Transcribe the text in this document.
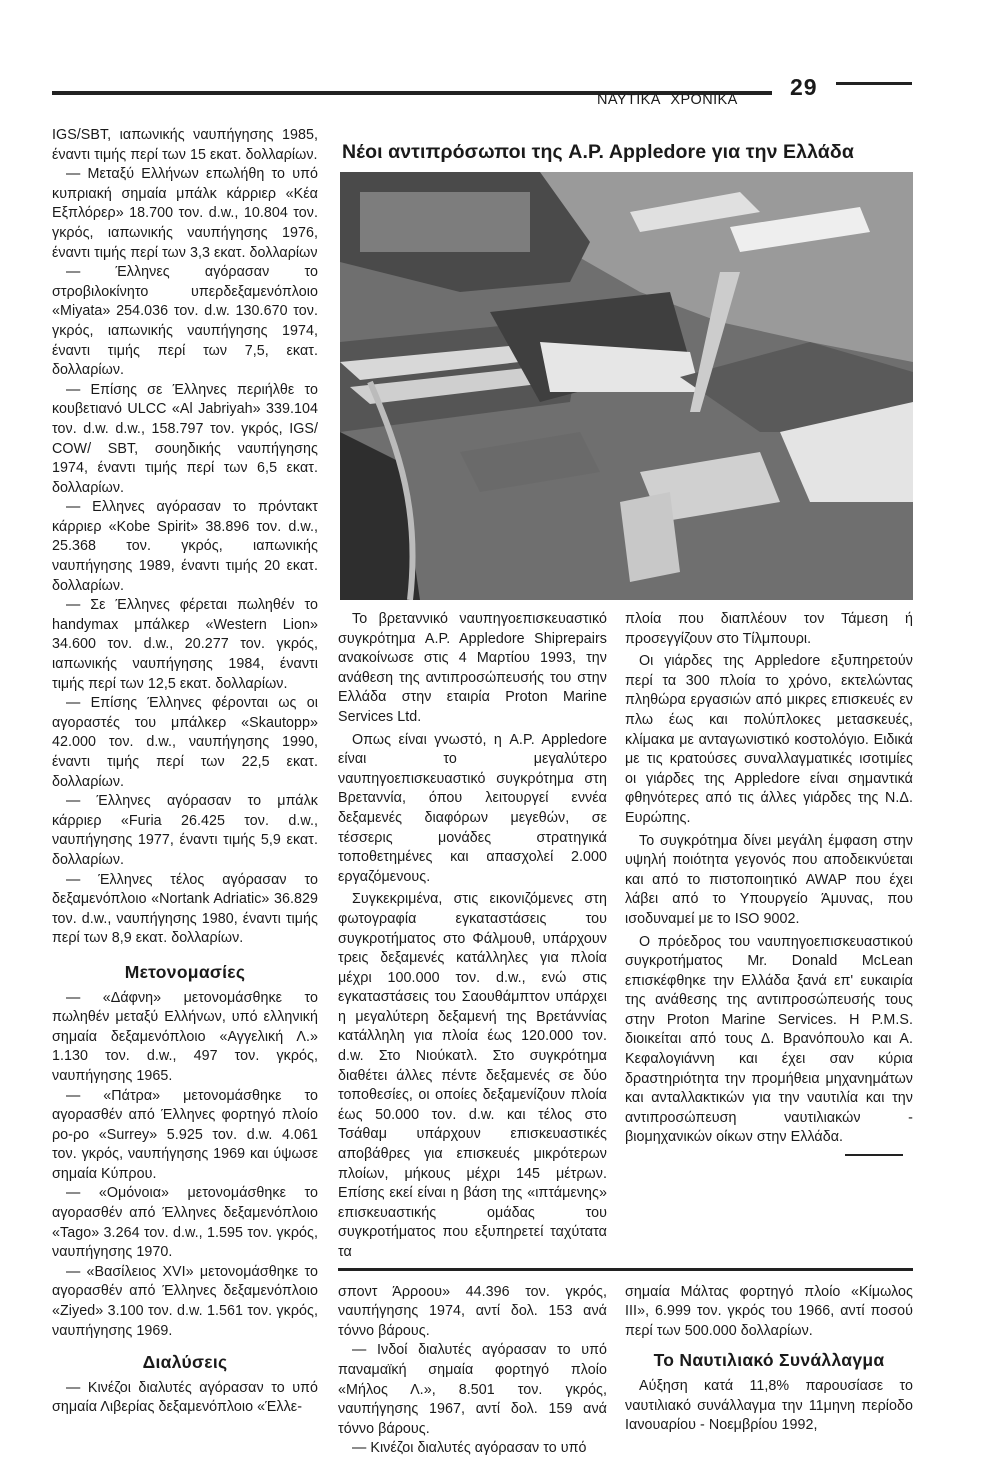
29
ΝΑΥΤΙΚΑ ΧΡΟΝΙΚΑ

IGS/SBT, ιαπωνικής ναυπήγησης 1985, έναντι τιμής περί των 15 εκατ. δολλαρίων.

— Μεταξύ Ελλήνων επωλήθη το υπό κυπριακή σημαία μπάλκ κάρριερ «Κέα Εξπλόρερ» 18.700 τον. d.w., 10.804 τον. γκρός, ιαπωνικής ναυπήγησης 1976, έναντι τιμής περί των 3,3 εκατ. δολλαρίων

— Έλληνες αγόρασαν το στροβιλοκίνητο υπερδεξαμενόπλοιο «Miyata» 254.036 τον. d.w. 130.670 τον. γκρός, ιαπωνικής ναυπήγησης 1974, έναντι τιμής περί των 7,5, εκατ. δολλαρίων.

— Επίσης σε Έλληνες περιήλθε το κουβετιανό ULCC «Al Jabriyah» 339.104 τον. d.w. d.w., 158.797 τον. γκρός, IGS/ COW/ SBT, σουηδικής ναυπήγησης 1974, έναντι τιμής περί των 6,5 εκατ. δολλαρίων.

— Ελληνες αγόρασαν το πρόντακτ κάρριερ «Kobe Spirit» 38.896 τον. d.w., 25.368 τον. γκρός, ιαπωνικής ναυπήγησης 1989, έναντι τιμής 20 εκατ. δολλαρίων.

— Σε Έλληνες φέρεται πωληθέν το handymax μπάλκερ «Western Lion» 34.600 τον. d.w., 20.277 τον. γκρός, ιαπωνικής ναυπήγησης 1984, έναντι τιμής περί των 12,5 εκατ. δολλαρίων.

— Επίσης Έλληνες φέρονται ως οι αγοραστές του μπάλκερ «Skautopp» 42.000 τον. d.w., ναυπήγησης 1990, έναντι τιμής περί των 22,5 εκατ. δολλαρίων.

— Έλληνες αγόρασαν το μπάλκ κάρριερ «Furia 26.425 τον. d.w., ναυπήγησης 1977, έναντι τιμής 5,9 εκατ. δολλαρίων.

— Έλληνες τέλος αγόρασαν το δεξαμενόπλοιο «Nortank Adriatic» 36.829 τον. d.w., ναυπήγησης 1980, έναντι τιμής περί των 8,9 εκατ. δολλαρίων.

Μετονομασίες

— «Δάφνη» μετονομάσθηκε το πωληθέν μεταξύ Ελλήνων, υπό ελληνική σημαία δεξαμενόπλοιο «Αγγελική Λ.» 1.130 τον. d.w., 497 τον. γκρός, ναυπήγησης 1965.

— «Πάτρα» μετονομάσθηκε το αγορασθέν από Έλληνες φορτηγό πλοίο ρο-ρο «Surrey» 5.925 τον. d.w. 4.061 τον. γκρός, ναυπήγησης 1969 και ύψωσε σημαία Κύπρου.

— «Ομόνοια» μετονομάσθηκε το αγορασθέν από Έλληνες δεξαμενόπλοιο «Tago» 3.264 τον. d.w., 1.595 τον. γκρός, ναυπήγησης 1970.

— «Βασίλειος XVI» μετονομάσθηκε το αγορασθέν από Έλληνες δεξαμενόπλοιο «Ziyed» 3.100 τον. d.w. 1.561 τον. γκρός, ναυπήγησης 1969.

Διαλύσεις

— Κινέζοι διαλυτές αγόρασαν το υπό σημαία Λιβερίας δεξαμενόπλοιο «Έλλε-

Νέοι αντιπρόσωποι της A.P. Appledore για την Ελλάδα

Το βρεταννικό ναυπηγοεπισκευαστικό συγκρότημα A.P. Appledore Shiprepairs ανακοίνωσε στις 4 Μαρτίου 1993, την ανάθεση της αντιπροσώπευσής του στην Ελλάδα στην εταιρία Proton Marine Services Ltd.

Οπως είναι γνωστό, η A.P. Appledore είναι το μεγαλύτερο ναυπηγοεπισκευαστικό συγκρότημα στη Βρετανvία, όπου λειτουργεί εννέα δεξαμενές διαφόρων μεγεθών, σε τέσσερις μονάδες στρατηγικά τοποθετημένες και απασχολεί 2.000 εργαζόμενους.

Συγκεκριμένα, στις εικονιζόμενες στη φωτογραφία εγκαταστάσεις του συγκροτήματος στο Φάλμουθ, υπάρχουν τρεις δεξαμενές κατάλληλες για πλοία μέχρι 100.000 τον. d.w., ενώ στις εγκαταστάσεις του Σαουθάμπτον υπάρχει η μεγαλύτερη δεξαμενή της Βρετάννίας κατάλληλη για πλοία έως 120.000 τον. d.w. Στο Νιούκατλ. Στο συγκρότημα διαθέτει άλλες πέντε δεξαμενές σε δύο τοποθεσίες, οι οποίες δεξαμενίζουν πλοία έως 50.000 τον. d.w. και τέλος στο Τσάθαμ υπάρχουν επισκευαστικές αποβάθρες για επισκευές μικρότερων πλοίων, μήκους μέχρι 145 μέτρων. Επίσης εκεί είναι η βάση της «ιπτάμενης» επισκευαστικής ομάδας του συγκροτήματος που εξυπηρετεί ταχύτατα τα

πλοία που διαπλέουν τον Τάμεση ή προσεγγίζουν στο Τίλμπουρι.

Οι γιάρδες της Appledore εξυπηρετούν περί τα 300 πλοία το χρόνο, εκτελώντας πληθώρα εργασιών από μικρες επισκευές εν πλω έως και πολύπλοκες μετασκευές, κλίμακα με ανταγωνιστικό κοστολόγιο. Ειδικά με τις κρατούσες συναλλαγματικές ισοτιμίες οι γιάρδες της Appledore είναι σημαντικά φθηνότερες από τις άλλες γιάρδες της Ν.Δ. Ευρώπης.

Το συγκρότημα δίνει μεγάλη έμφαση στην υψηλή ποιότητα γεγονός που αποδεικνύεται και από το πιστοποιητικό AWAP που έχει λάβει από το Υπουργείο Άμυνας, που ισοδυναμεί με το ISO 9002.

Ο πρόεδρος του ναυπηγοεπισκευαστικού συγκροτήματος Mr. Donald McLean επισκέφθηκε την Ελλάδα ξανά επ' ευκαιρία της ανάθεσης της αντιπροσώπευσής τους στην Proton Marine Services. Η P.M.S. διοικείται από τους Δ. Βρανόπουλο και Α. Κεφαλογιάννη και έχει σαν κύρια δραστηριότητα την προμήθεια μηχανημάτων και ανταλλακτικών για την ναυτιλία και την αντιπροσώπευση ναυτιλιακών - βιομηχανικών οίκων στην Ελλάδα.

σποντ Άρροου» 44.396 τον. γκρός, ναυπήγησης 1974, αντί δολ. 153 ανά τόννο βάρους.

— Ινδοί διαλυτές αγόρασαν το υπό παναμαϊκή σημαία φορτηγό πλοίο «Μήλος Λ.», 8.501 τον. γκρός, ναυπήγησης 1967, αντί δολ. 159 ανά τόννο βάρους.

— Κινέζοι διαλυτές αγόρασαν το υπό

σημαία Μάλτας φορτηγό πλοίο «Κίμωλος III», 6.999 τον. γκρός του 1966, αντί ποσού περί των 500.000 δολλαρίων.

Το Ναυτιλιακό Συνάλλαγμα

Αύξηση κατά 11,8% παρουσίασε το ναυτιλιακό συνάλλαγμα την 11μηνη περίοδο Ιανουαρίου - Νοεμβρίου 1992,
